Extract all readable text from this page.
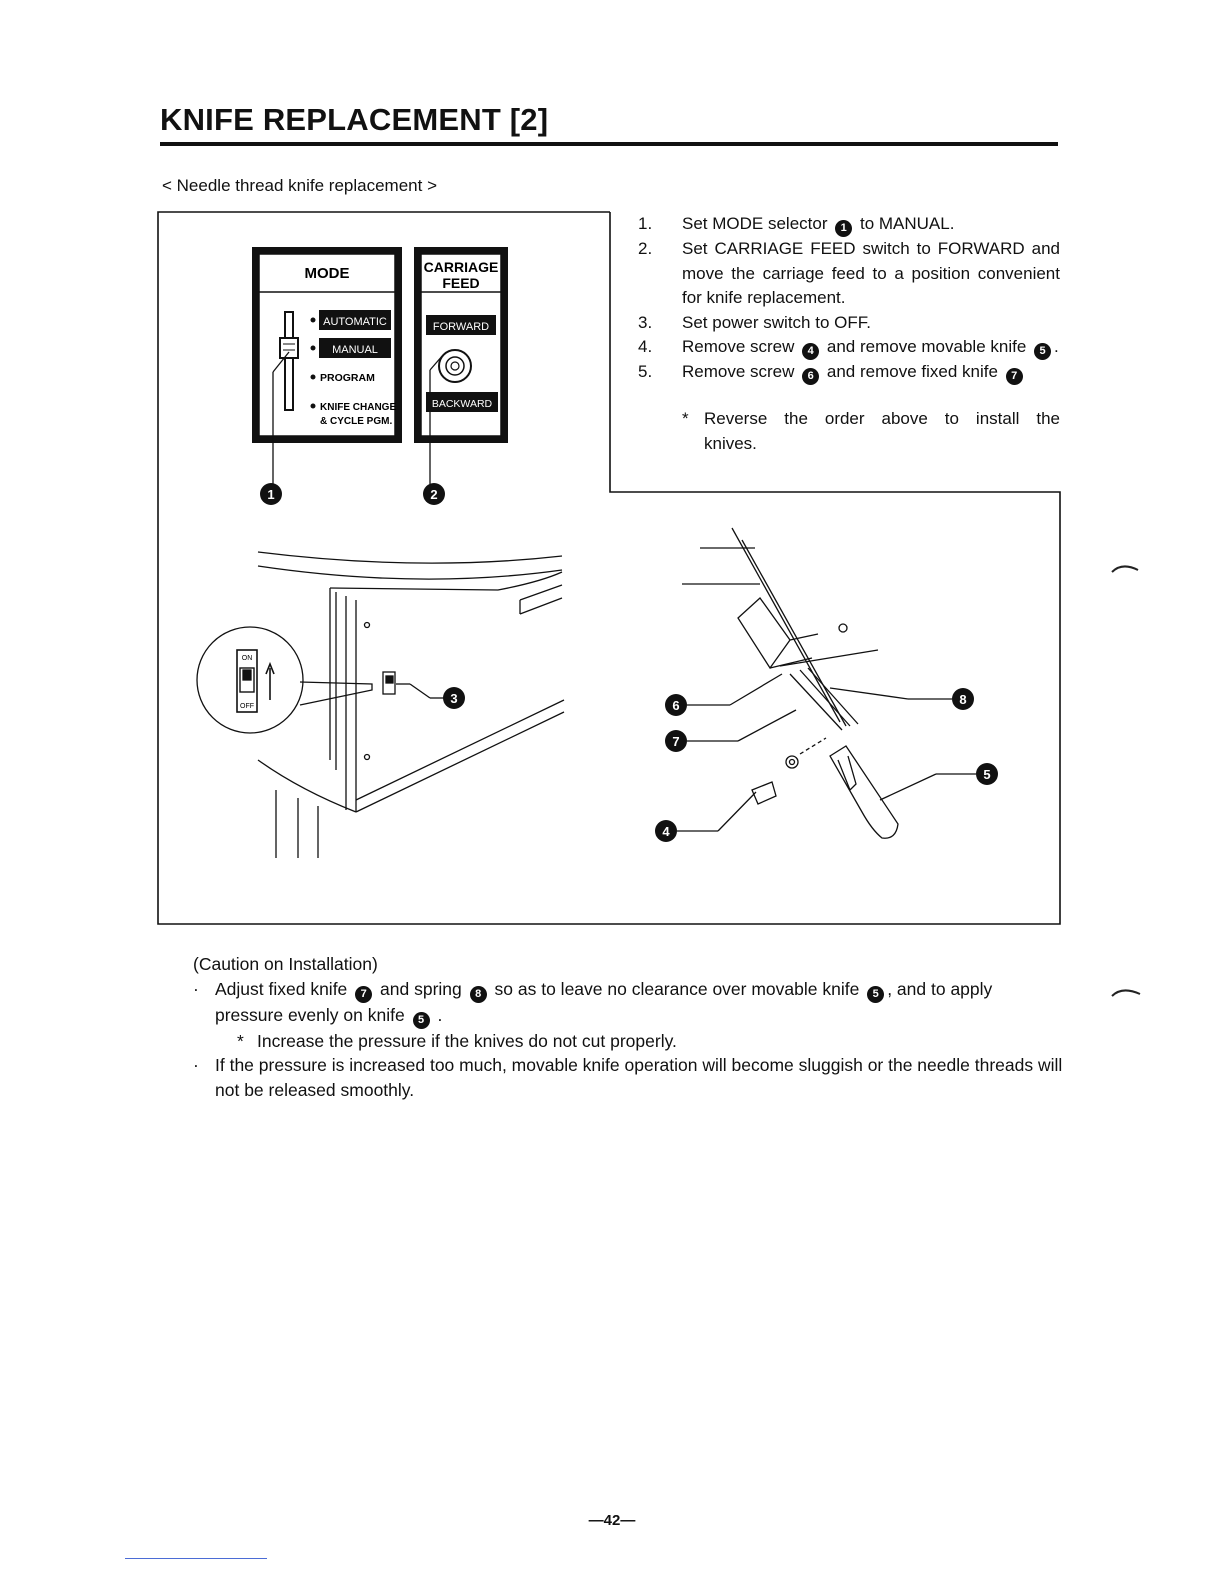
KNIFE REPLACEMENT [2]
< Needle thread knife replacement >
MODE
AUTOMATIC
MANUAL
PROGRAM
KNIFE CHANGE
& CYCLE PGM.
CARRIAGE
FEED
FORWARD
BACKWARD
1	2
ON
OFF
3
4
5
6
7
8
1.	Set MODE selector 1 to MANUAL.
2.	Set CARRIAGE FEED switch to FORWARD and move the carriage feed to a position convenient for knife replacement.
3.	Set power switch to OFF.
4.	Remove screw 4 and remove movable knife 5 .
5.	Remove screw 6 and remove fixed knife 7
* Reverse the order above to install the
knives.
(Caution on Installation)
· Adjust fixed knife 7 and spring 8 so as to leave no clearance over movable knife 5 , and to apply pressure evenly on knife 5 .
* Increase the pressure if the knives do not cut properly.
· If the pressure is increased too much, movable knife operation will become sluggish or the needle threads will not be released smoothly.
—42—
